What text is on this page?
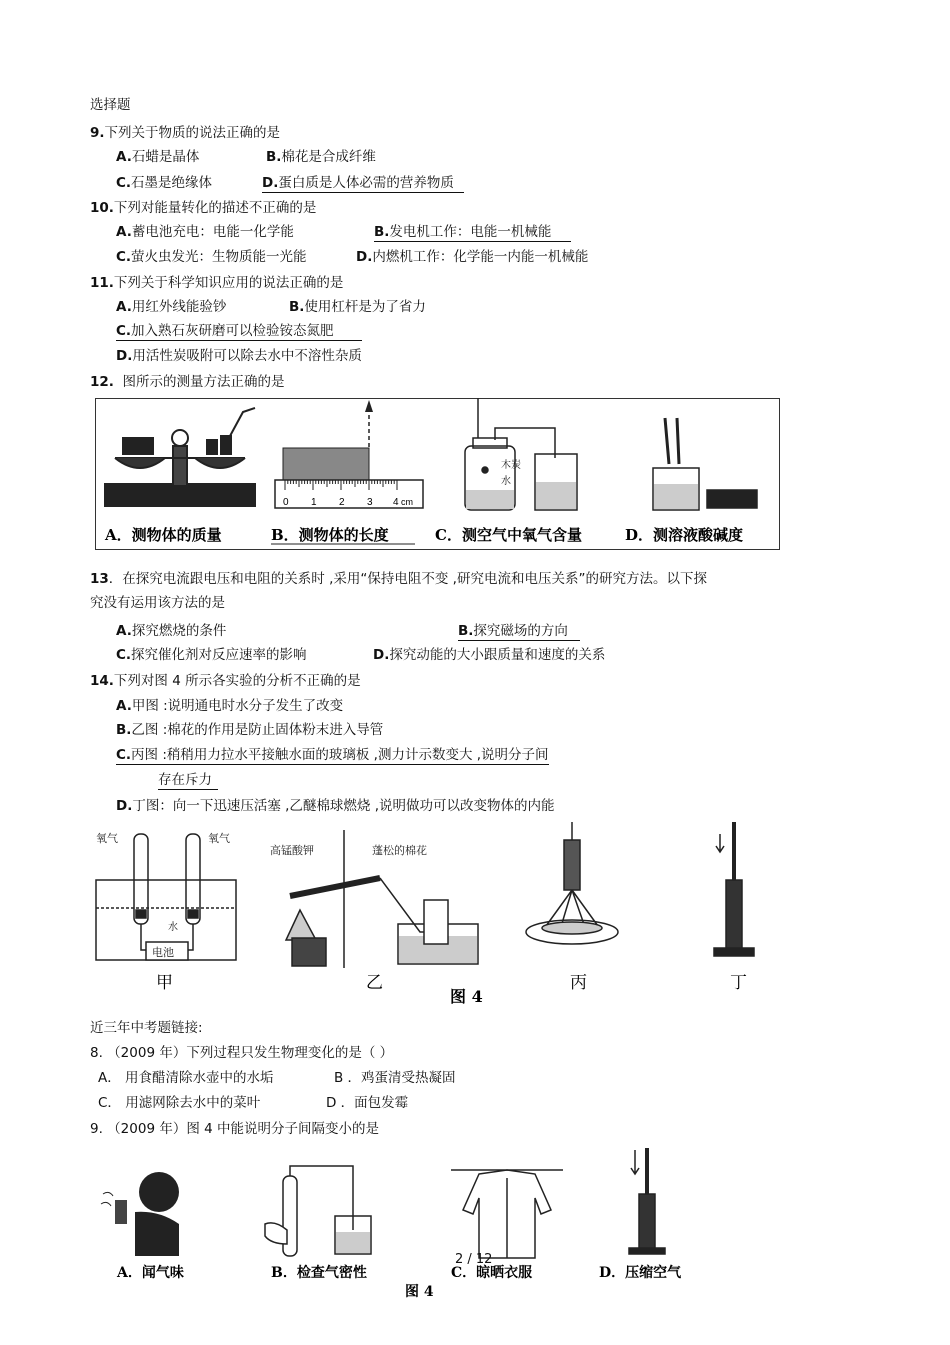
选择题
9.下列关于物质的说法正确的是
A.石蜡是晶体	B.棉花是合成纤维
C.石墨是绝缘体	D.蛋白质是人体必需的营养物质
10.下列对能量转化的描述不正确的是
A.蓄电池充电：电能一化学能	B.发电机工作：电能一机械能
C.萤火虫发光：生物质能一光能	D.内燃机工作：化学能一内能一机械能
11.下列关于科学知识应用的说法正确的是
A.用红外线能验钞	B.使用杠杆是为了省力
C.加入熟石灰研磨可以检验铵态氮肥
D.用活性炭吸附可以除去水中不溶性杂质
12. 图所示的测量方法正确的是
0 1 2 3 4 cm
木炭
水
A．测物体的质量	B．测物体的长度	C．测空气中氧气含量	D．测溶液酸碱度
13．在探究电流跟电压和电阻的关系时 ,采用“保持电阻不变 ,研究电流和电压关系”的研究方法。以下探
究没有运用该方法的是
A.探究燃烧的条件	B.探究磁场的方向
C.探究催化剂对反应速率的影响	D.探究动能的大小跟质量和速度的关系
14.下列对图 4 所示各实验的分析不正确的是
A.甲图 :说明通电时水分子发生了改变
B.乙图 :棉花的作用是防止固体粉末进入导管
C.丙图 :稍稍用力拉水平接触水面的玻璃板 ,测力计示数变大 ,说明分子间
存在斥力
D.丁图：向一下迅速压活塞 ,乙醚棉球燃烧 ,说明做功可以改变物体的内能
电池
水
氧气	氧气
高锰酸钾	蓬松的棉花
甲	乙	丙	丁
图 4
近三年中考题链接:
8. （2009 年）下列过程只发生物理变化的是（ ）
A． 用食醋清除水壶中的水垢	B ．鸡蛋清受热凝固
C． 用滤网除去水中的菜叶	D ．面包发霉
9. （2009 年）图 4 中能说明分子间隔变小的是
A．闻气味	B．检查气密性	C．晾晒衣服	D．压缩空气
图 4
2 / 12
